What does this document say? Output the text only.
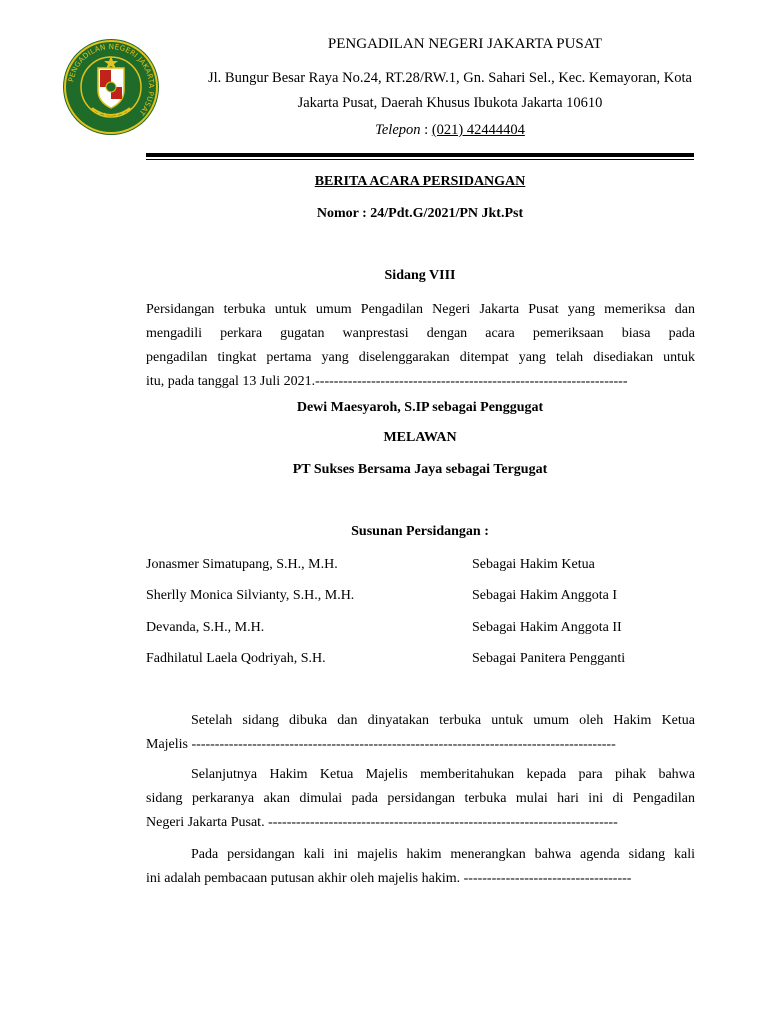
PENGADILAN NEGERI JAKARTA PUSAT
PENGADILAN NEGERI JAKARTA PUSAT
Jl. Bungur Besar Raya No.24, RT.28/RW.1, Gn. Sahari Sel., Kec. Kemayoran, Kota
Jakarta Pusat, Daerah Khusus Ibukota Jakarta 10610
Telepon : (021) 42444404
BERITA ACARA PERSIDANGAN
Nomor : 24/Pdt.G/2021/PN Jkt.Pst
Sidang VIII
Persidangan terbuka untuk umum Pengadilan Negeri Jakarta Pusat yang memeriksa dan
mengadili perkara gugatan wanprestasi dengan acara pemeriksaan biasa pada
pengadilan tingkat pertama yang diselenggarakan ditempat yang telah disediakan untuk
itu, pada tanggal 13 Juli 2021.-------------------------------------------------------------------
Dewi Maesyaroh, S.IP sebagai Penggugat
MELAWAN
PT Sukses Bersama Jaya sebagai Tergugat
Susunan Persidangan :
Jonasmer Simatupang, S.H., M.H.	Sebagai Hakim Ketua
Sherlly Monica Silvianty, S.H., M.H.	Sebagai Hakim Anggota I
Devanda, S.H., M.H.	Sebagai Hakim Anggota II
Fadhilatul Laela Qodriyah, S.H.	Sebagai Panitera Pengganti
Setelah sidang dibuka dan dinyatakan terbuka untuk umum oleh Hakim Ketua
Majelis -------------------------------------------------------------------------------------------
Selanjutnya Hakim Ketua Majelis memberitahukan kepada para pihak bahwa
sidang perkaranya akan dimulai pada persidangan terbuka mulai hari ini di Pengadilan
Negeri Jakarta Pusat. ---------------------------------------------------------------------------
Pada persidangan kali ini majelis hakim menerangkan bahwa agenda sidang kali
ini adalah pembacaan putusan akhir oleh majelis hakim. ------------------------------------
